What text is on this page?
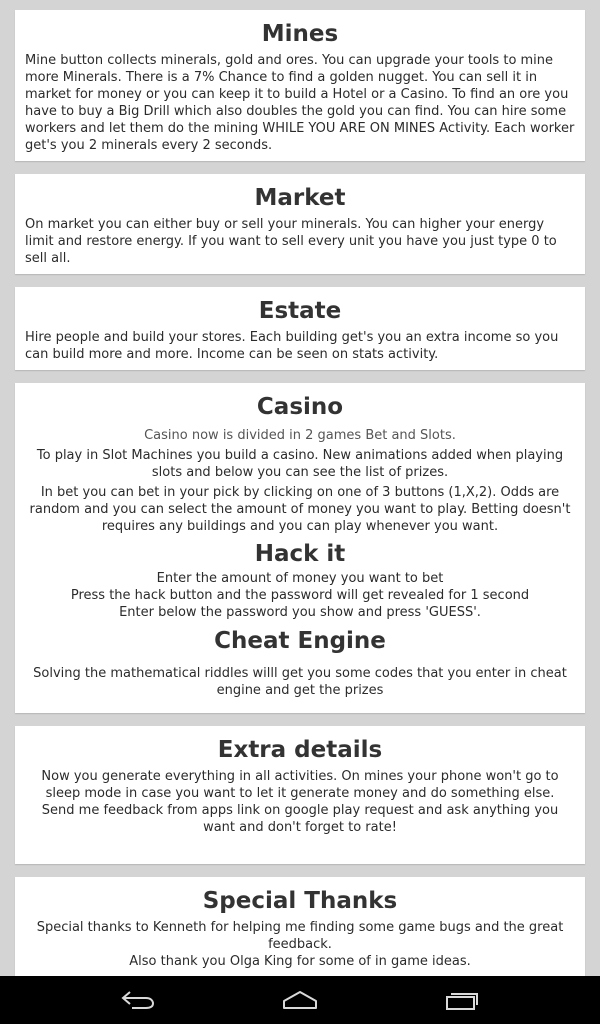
Mines

Mine button collects minerals, gold and ores. You can upgrade your tools to mine more Minerals. There is a 7% Chance to find a golden nugget. You can sell it in market for money or you can keep it to build a Hotel or a Casino. To find an ore you have to buy a Big Drill which also doubles the gold you can find. You can hire some workers and let them do the mining WHILE YOU ARE ON MINES Activity. Each worker get's you 2 minerals every 2 seconds.

Market

On market you can either buy or sell your minerals. You can higher your energy limit and restore energy. If you want to sell every unit you have you just type 0 to sell all.

Estate

Hire people and build your stores. Each building get's you an extra income so you can build more and more. Income can be seen on stats activity.

Casino

Casino now is divided in 2 games Bet and Slots.

To play in Slot Machines you build a casino. New animations added when playing slots and below you can see the list of prizes.

In bet you can bet in your pick by clicking on one of 3 buttons (1,X,2). Odds are random and you can select the amount of money you want to play. Betting doesn't requires any buildings and you can play whenever you want.

Hack it

Enter the amount of money you want to bet

Press the hack button and the password will get revealed for 1 second

Enter below the password you show and press 'GUESS'.

Cheat Engine

Solving the mathematical riddles willl get you some codes that you enter in cheat engine and get the prizes

Extra details

Now you generate everything in all activities. On mines your phone won't go to sleep mode in case you want to let it generate money and do something else.

Send me feedback from apps link on google play request and ask anything you want and don't forget to rate!

Special Thanks

Special thanks to Kenneth for helping me finding some game bugs and the great feedback.

Also thank you Olga King for some of in game ideas.
